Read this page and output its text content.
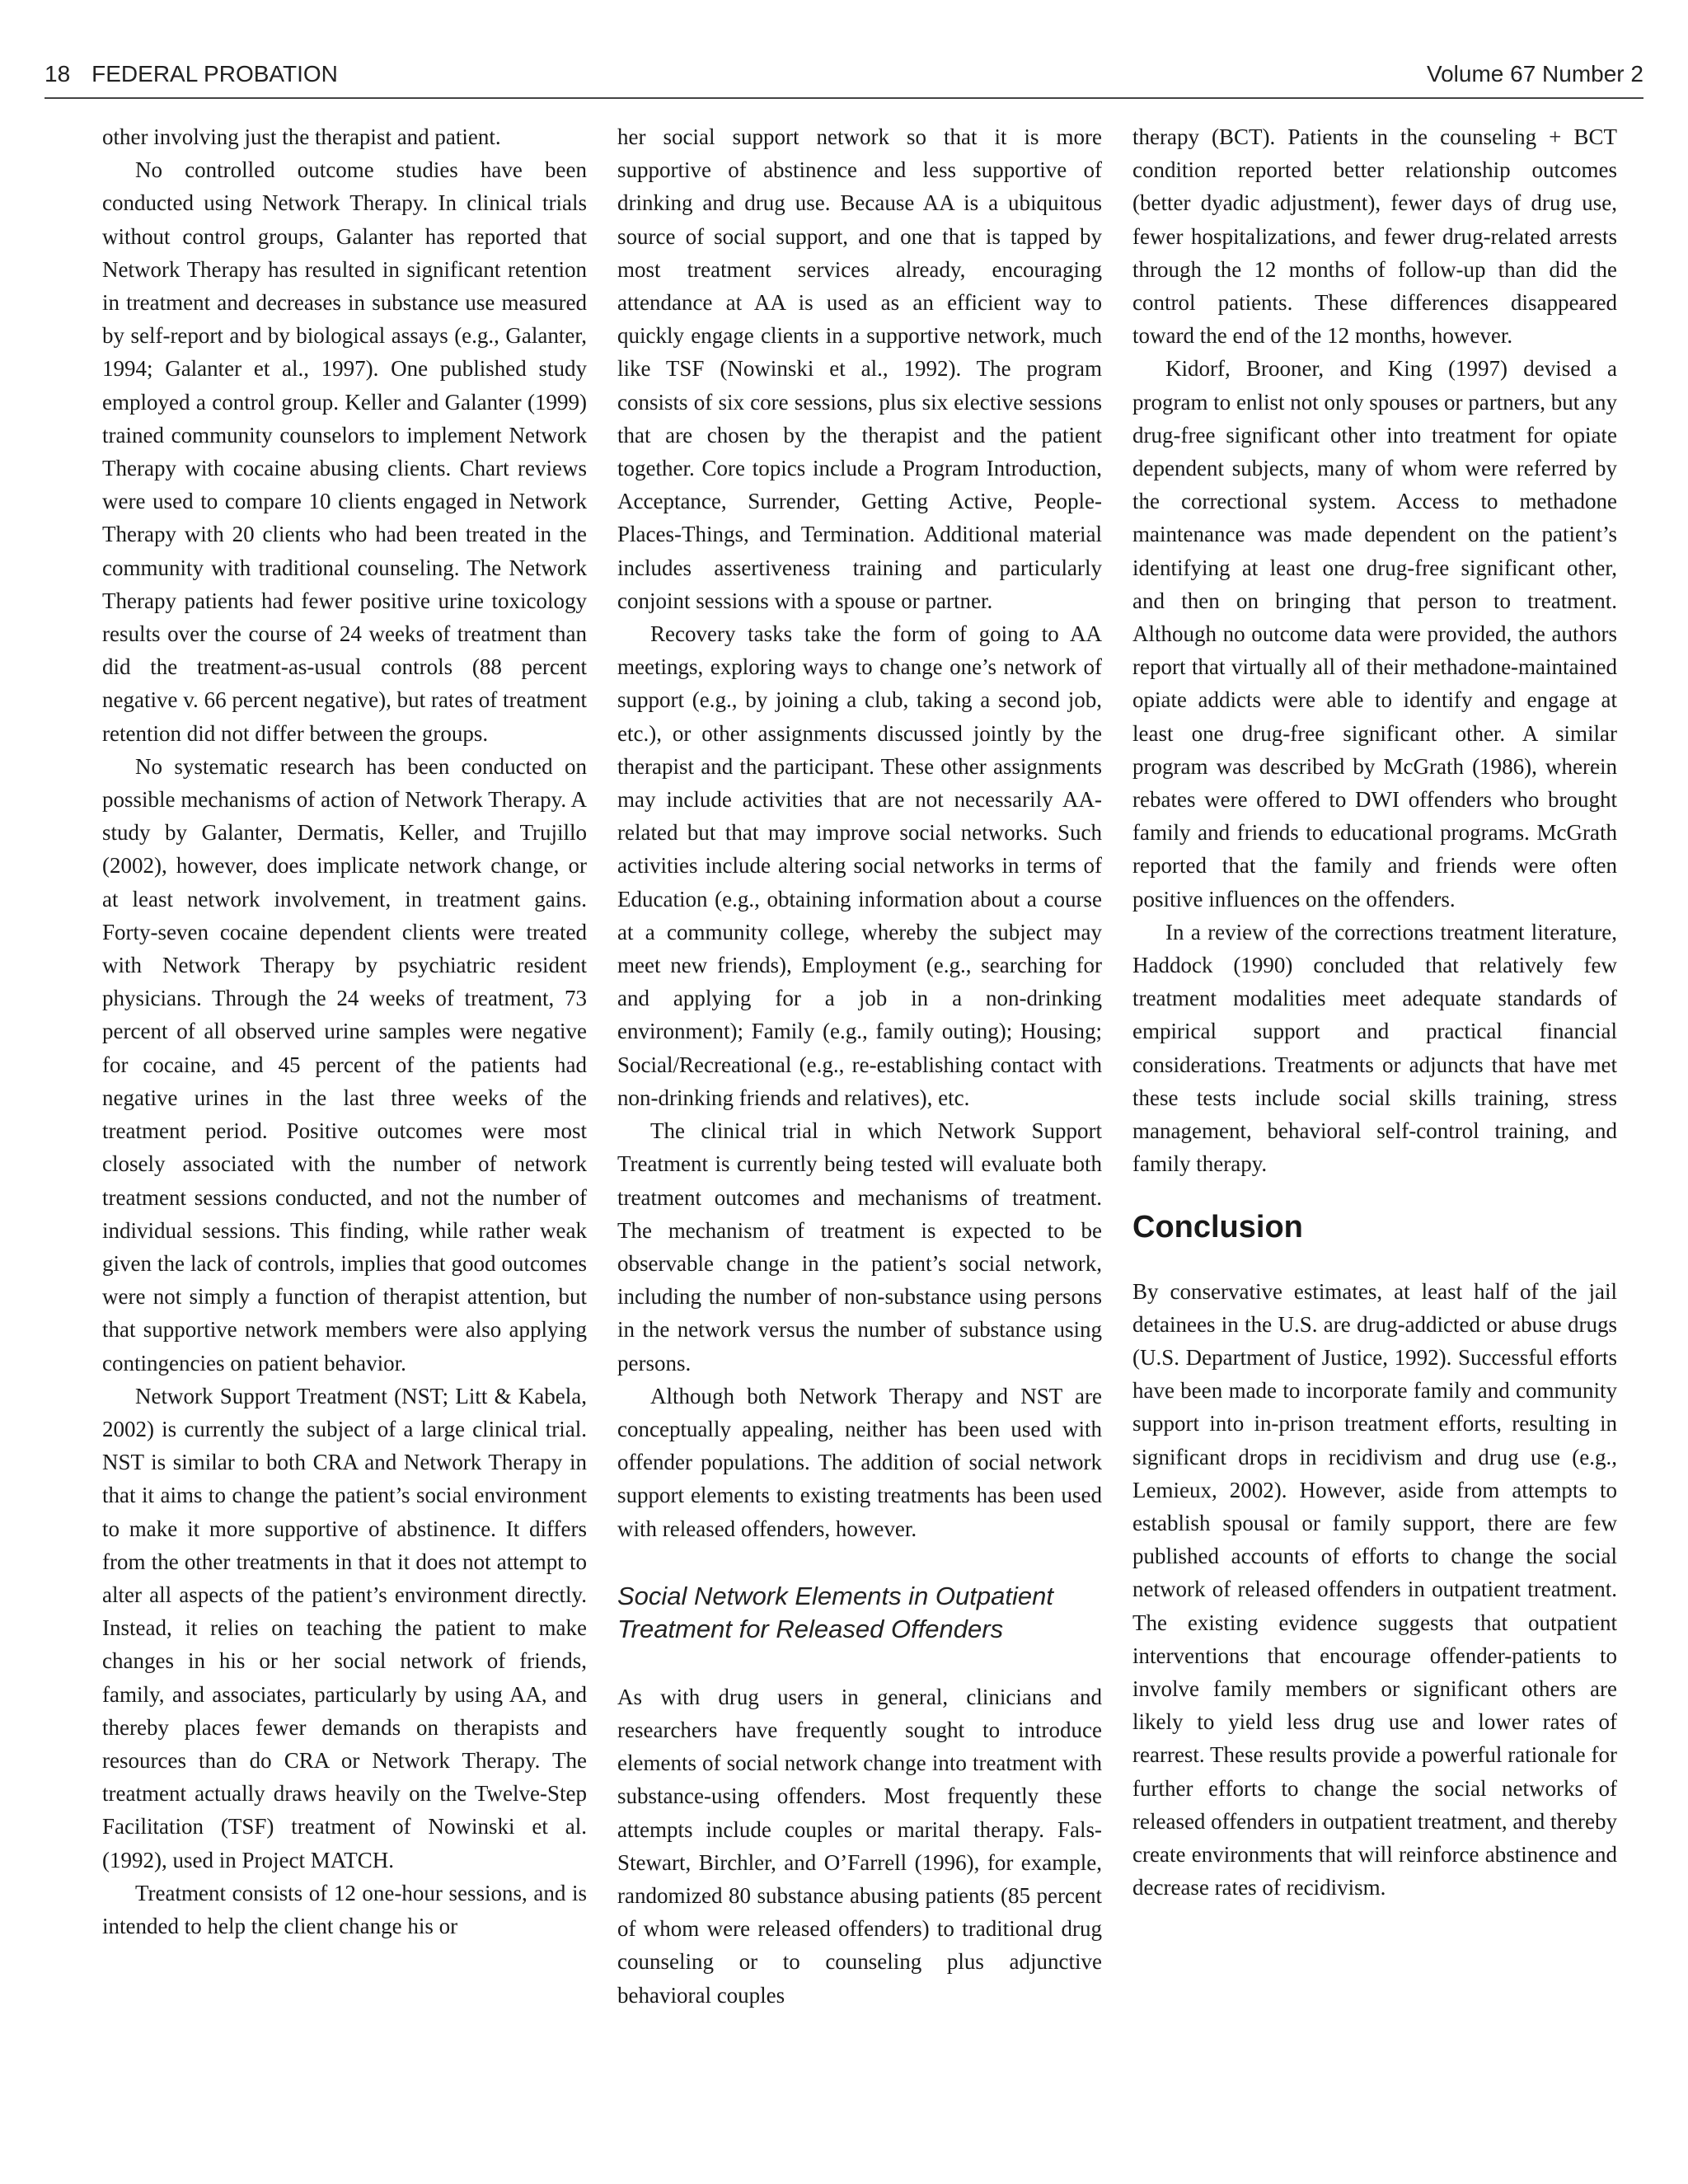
18 FEDERAL PROBATION	Volume 67 Number 2

other involving just the therapist and patient.

No controlled outcome studies have been conducted using Network Therapy. In clinical trials without control groups, Galanter has reported that Network Therapy has resulted in significant retention in treatment and decreases in substance use measured by self-report and by biological assays (e.g., Galanter, 1994; Galanter et al., 1997). One published study employed a control group. Keller and Galanter (1999) trained community counselors to implement Network Therapy with cocaine abusing clients. Chart reviews were used to compare 10 clients engaged in Network Therapy with 20 clients who had been treated in the community with traditional counseling. The Network Therapy patients had fewer positive urine toxicology results over the course of 24 weeks of treatment than did the treatment-as-usual controls (88 percent negative v. 66 percent negative), but rates of treatment retention did not differ between the groups.

No systematic research has been conducted on possible mechanisms of action of Network Therapy. A study by Galanter, Dermatis, Keller, and Trujillo (2002), however, does implicate network change, or at least network involvement, in treatment gains. Forty-seven cocaine dependent clients were treated with Network Therapy by psychiatric resident physicians. Through the 24 weeks of treatment, 73 percent of all observed urine samples were negative for cocaine, and 45 percent of the patients had negative urines in the last three weeks of the treatment period. Positive outcomes were most closely associated with the number of network treatment sessions conducted, and not the number of individual sessions. This finding, while rather weak given the lack of controls, implies that good outcomes were not simply a function of therapist attention, but that supportive network members were also applying contingencies on patient behavior.

Network Support Treatment (NST; Litt & Kabela, 2002) is currently the subject of a large clinical trial. NST is similar to both CRA and Network Therapy in that it aims to change the patient’s social environment to make it more supportive of abstinence. It differs from the other treatments in that it does not attempt to alter all aspects of the patient’s environment directly. Instead, it relies on teaching the patient to make changes in his or her social network of friends, family, and associates, particularly by using AA, and thereby places fewer demands on therapists and resources than do CRA or Network Therapy. The treatment actually draws heavily on the Twelve-Step Facilitation (TSF) treatment of Nowinski et al. (1992), used in Project MATCH.

Treatment consists of 12 one-hour sessions, and is intended to help the client change his or

her social support network so that it is more supportive of abstinence and less supportive of drinking and drug use. Because AA is a ubiquitous source of social support, and one that is tapped by most treatment services already, encouraging attendance at AA is used as an efficient way to quickly engage clients in a supportive network, much like TSF (Nowinski et al., 1992). The program consists of six core sessions, plus six elective sessions that are chosen by the therapist and the patient together. Core topics include a Program Introduction, Acceptance, Surrender, Getting Active, People-Places-Things, and Termination. Additional material includes assertiveness training and particularly conjoint sessions with a spouse or partner.

Recovery tasks take the form of going to AA meetings, exploring ways to change one’s network of support (e.g., by joining a club, taking a second job, etc.), or other assignments discussed jointly by the therapist and the participant. These other assignments may include activities that are not necessarily AA-related but that may improve social networks. Such activities include altering social networks in terms of Education (e.g., obtaining information about a course at a community college, whereby the subject may meet new friends), Employment (e.g., searching for and applying for a job in a non-drinking environment); Family (e.g., family outing); Housing; Social/Recreational (e.g., re-establishing contact with non-drinking friends and relatives), etc.

The clinical trial in which Network Support Treatment is currently being tested will evaluate both treatment outcomes and mechanisms of treatment. The mechanism of treatment is expected to be observable change in the patient’s social network, including the number of non-substance using persons in the network versus the number of substance using persons.

Although both Network Therapy and NST are conceptually appealing, neither has been used with offender populations. The addition of social network support elements to existing treatments has been used with released offenders, however.

Social Network Elements in Outpatient Treatment for Released Offenders

As with drug users in general, clinicians and researchers have frequently sought to introduce elements of social network change into treatment with substance-using offenders. Most frequently these attempts include couples or marital therapy. Fals-Stewart, Birchler, and O’Farrell (1996), for example, randomized 80 substance abusing patients (85 percent of whom were released offenders) to traditional drug counseling or to counseling plus adjunctive behavioral couples

therapy (BCT). Patients in the counseling + BCT condition reported better relationship outcomes (better dyadic adjustment), fewer days of drug use, fewer hospitalizations, and fewer drug-related arrests through the 12 months of follow-up than did the control patients. These differences disappeared toward the end of the 12 months, however.

Kidorf, Brooner, and King (1997) devised a program to enlist not only spouses or partners, but any drug-free significant other into treatment for opiate dependent subjects, many of whom were referred by the correctional system. Access to methadone maintenance was made dependent on the patient’s identifying at least one drug-free significant other, and then on bringing that person to treatment. Although no outcome data were provided, the authors report that virtually all of their methadone-maintained opiate addicts were able to identify and engage at least one drug-free significant other. A similar program was described by McGrath (1986), wherein rebates were offered to DWI offenders who brought family and friends to educational programs. McGrath reported that the family and friends were often positive influences on the offenders.

In a review of the corrections treatment literature, Haddock (1990) concluded that relatively few treatment modalities meet adequate standards of empirical support and practical financial considerations. Treatments or adjuncts that have met these tests include social skills training, stress management, behavioral self-control training, and family therapy.

Conclusion

By conservative estimates, at least half of the jail detainees in the U.S. are drug-addicted or abuse drugs (U.S. Department of Justice, 1992). Successful efforts have been made to incorporate family and community support into in-prison treatment efforts, resulting in significant drops in recidivism and drug use (e.g., Lemieux, 2002). However, aside from attempts to establish spousal or family support, there are few published accounts of efforts to change the social network of released offenders in outpatient treatment. The existing evidence suggests that outpatient interventions that encourage offender-patients to involve family members or significant others are likely to yield less drug use and lower rates of rearrest. These results provide a powerful rationale for further efforts to change the social networks of released offenders in outpatient treatment, and thereby create environments that will reinforce abstinence and decrease rates of recidivism.
